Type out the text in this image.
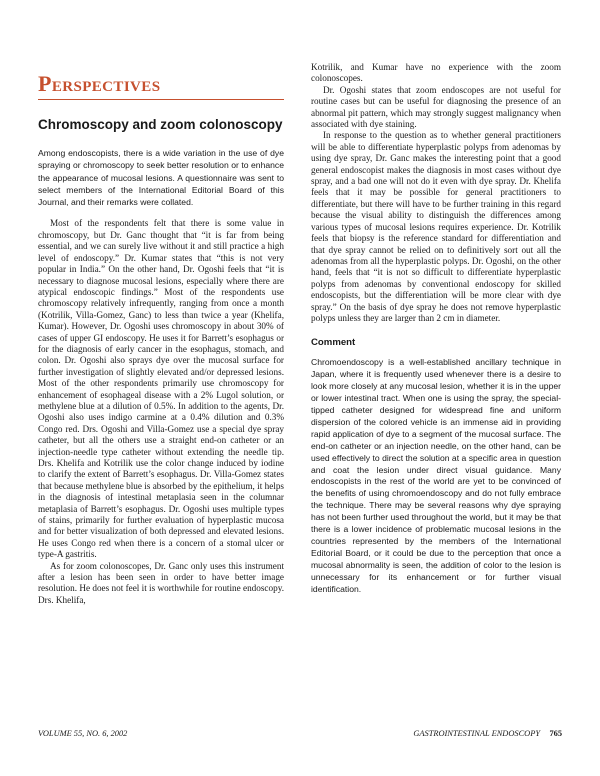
Perspectives
Chromoscopy and zoom colonoscopy

Among endoscopists, there is a wide variation in the use of dye spraying or chromoscopy to seek better resolution or to enhance the appearance of mucosal lesions. A questionnaire was sent to select members of the International Editorial Board of this Journal, and their remarks were collated.

Most of the respondents felt that there is some value in chromoscopy, but Dr. Ganc thought that “it is far from being essential, and we can surely live without it and still practice a high level of endoscopy.” Dr. Kumar states that “this is not very popular in India.” On the other hand, Dr. Ogoshi feels that “it is necessary to diagnose mucosal lesions, especially where there are atypical endoscopic findings.” Most of the respondents use chromoscopy relatively infrequently, ranging from once a month (Kotrilik, Villa-Gomez, Ganc) to less than twice a year (Khelifa, Kumar). However, Dr. Ogoshi uses chromoscopy in about 30% of cases of upper GI endoscopy. He uses it for Barrett’s esophagus or for the diagnosis of early cancer in the esophagus, stomach, and colon. Dr. Ogoshi also sprays dye over the mucosal surface for further investigation of slightly elevated and/or depressed lesions. Most of the other respondents primarily use chromoscopy for enhancement of esophageal disease with a 2% Lugol solution, or methylene blue at a dilution of 0.5%. In addition to the agents, Dr. Ogoshi also uses indigo carmine at a 0.4% dilution and 0.3% Congo red. Drs. Ogoshi and Villa-Gomez use a special dye spray catheter, but all the others use a straight end-on catheter or an injection-needle type catheter without extending the needle tip. Drs. Khelifa and Kotrilik use the color change induced by iodine to clarify the extent of Barrett’s esophagus. Dr. Villa-Gomez states that because methylene blue is absorbed by the epithelium, it helps in the diagnosis of intestinal metaplasia seen in the columnar metaplasia of Barrett’s esophagus. Dr. Ogoshi uses multiple types of stains, primarily for further evaluation of hyperplastic mucosa and for better visualization of both depressed and elevated lesions. He uses Congo red when there is a concern of a stomal ulcer or type-A gastritis.

As for zoom colonoscopes, Dr. Ganc only uses this instrument after a lesion has been seen in order to have better image resolution. He does not feel it is worthwhile for routine endoscopy. Drs. Khelifa,

Kotrilik, and Kumar have no experience with the zoom colonoscopes.

Dr. Ogoshi states that zoom endoscopes are not useful for routine cases but can be useful for diagnosing the presence of an abnormal pit pattern, which may strongly suggest malignancy when associated with dye staining.

In response to the question as to whether general practitioners will be able to differentiate hyperplastic polyps from adenomas by using dye spray, Dr. Ganc makes the interesting point that a good general endoscopist makes the diagnosis in most cases without dye spray, and a bad one will not do it even with dye spray. Dr. Khelifa feels that it may be possible for general practitioners to differentiate, but there will have to be further training in this regard because the visual ability to distinguish the differences among various types of mucosal lesions requires experience. Dr. Kotrilik feels that biopsy is the reference standard for differentiation and that dye spray cannot be relied on to definitively sort out all the adenomas from all the hyperplastic polyps. Dr. Ogoshi, on the other hand, feels that “it is not so difficult to differentiate hyperplastic polyps from adenomas by conventional endoscopy for skilled endoscopists, but the differentiation will be more clear with dye spray.” On the basis of dye spray he does not remove hyperplastic polyps unless they are larger than 2 cm in diameter.

Comment

Chromoendoscopy is a well-established ancillary technique in Japan, where it is frequently used whenever there is a desire to look more closely at any mucosal lesion, whether it is in the upper or lower intestinal tract. When one is using the spray, the special-tipped catheter designed for widespread fine and uniform dispersion of the colored vehicle is an immense aid in providing rapid application of dye to a segment of the mucosal surface. The end-on catheter or an injection needle, on the other hand, can be used effectively to direct the solution at a specific area in question and coat the lesion under direct visual guidance. Many endoscopists in the rest of the world are yet to be convinced of the benefits of using chromoendoscopy and do not fully embrace the technique. There may be several reasons why dye spraying has not been further used throughout the world, but it may be that there is a lower incidence of problematic mucosal lesions in the countries represented by the members of the International Editorial Board, or it could be due to the perception that once a mucosal abnormality is seen, the addition of color to the lesion is unnecessary for its enhancement or for further visual identification.

VOLUME 55, NO. 6, 2002	GASTROINTESTINAL ENDOSCOPY 765
